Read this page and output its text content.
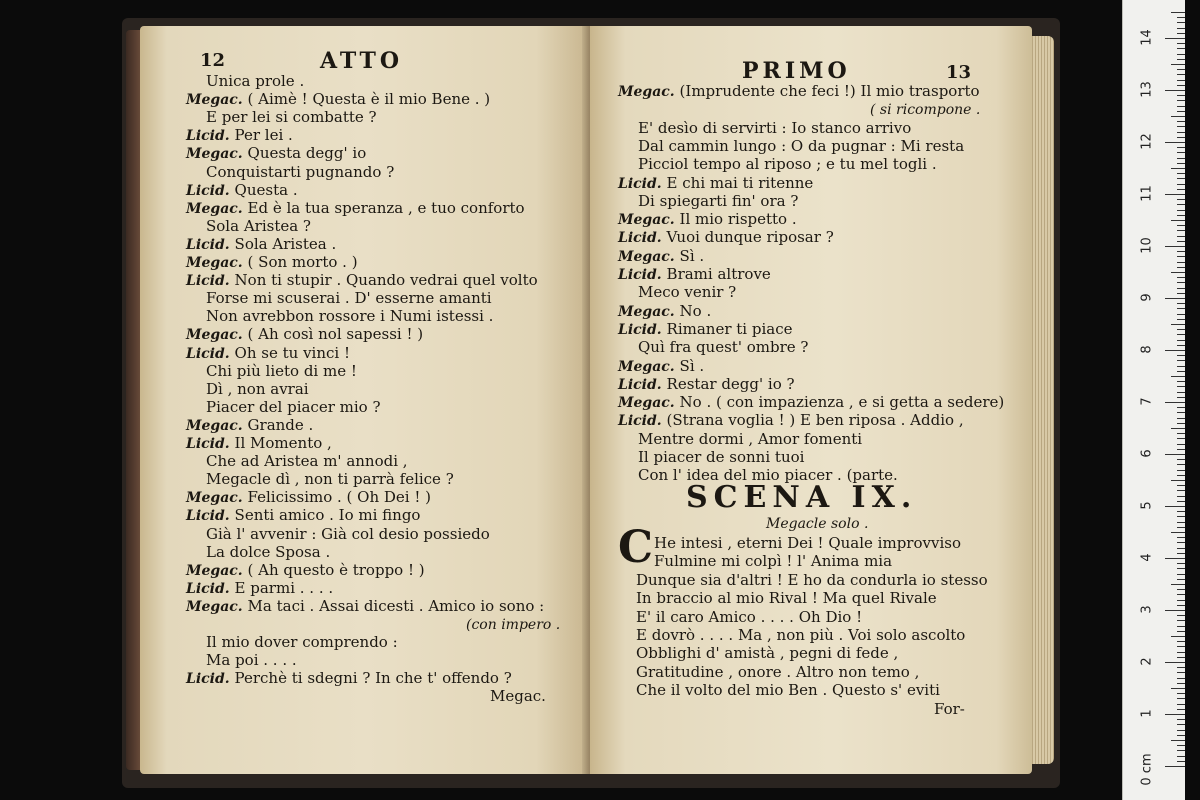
12	ATTO
Unica prole .
Megac. ( Aimè ! Questa è il mio Bene . )
E per lei si combatte ?
Licid. Per lei .
Megac. Questa degg' io
Conquistarti pugnando ?
Licid. Questa .
Megac. Ed è la tua speranza , e tuo conforto
Sola Aristea ?
Licid. Sola Aristea .
Megac. ( Son morto . )
Licid. Non ti stupir . Quando vedrai quel volto
Forse mi scuserai . D' esserne amanti
Non avrebbon rossore i Numi istessi .
Megac. ( Ah così nol sapessi ! )
Licid. Oh se tu vinci !
Chi più lieto di me !
Dì , non avrai
Piacer del piacer mio ?
Megac. Grande .
Licid. Il Momento ,
Che ad Aristea m' annodi ,
Megacle dì , non ti parrà felice ?
Megac. Felicissimo . ( Oh Dei ! )
Licid. Senti amico . Io mi fingo
Già l' avvenir : Già col desio possiedo
La dolce Sposa .
Megac. ( Ah questo è troppo ! )
Licid. E parmi . . . .
Megac. Ma taci . Assai dicesti . Amico io sono :
(con impero .
Il mio dover comprendo :
Ma poi . . . .
Licid. Perchè ti sdegni ? In che t' offendo ?
Megac.
PRIMO	13
Megac. (Imprudente che feci !) Il mio trasporto
( si ricompone .
E' desìo di servirti : Io stanco arrivo
Dal cammin lungo : O da pugnar : Mi resta
Picciol tempo al riposo ; e tu mel togli .
Licid. E chi mai ti ritenne
Di spiegarti fin' ora ?
Megac. Il mio rispetto .
Licid. Vuoi dunque riposar ?
Megac. Sì .
Licid. Brami altrove
Meco venir ?
Megac. No .
Licid. Rimaner ti piace
Quì fra quest' ombre ?
Megac. Sì .
Licid. Restar degg' io ?
Megac. No . ( con impazienza , e si getta a sedere)
Licid. (Strana voglia ! ) E ben riposa . Addio ,
Mentre dormi , Amor fomenti
Il piacer de sonni tuoi
Con l' idea del mio piacer . (parte.
SCENA IX.
Megacle solo .
C He intesi , eterni Dei ! Quale improvviso
Fulmine mi colpì ! l' Anima mia
Dunque sia d'altri ! E ho da condurla io stesso
In braccio al mio Rival ! Ma quel Rivale
E' il caro Amico . . . . Oh Dio !
E dovrò . . . . Ma , non più . Voi solo ascolto
Obblighi d' amistà , pegni di fede ,
Gratitudine , onore . Altro non temo ,
Che il volto del mio Ben . Questo s' eviti
For-
0 cm
1
2
3
4
5
6
7
8
9
10
11
12
13
14
